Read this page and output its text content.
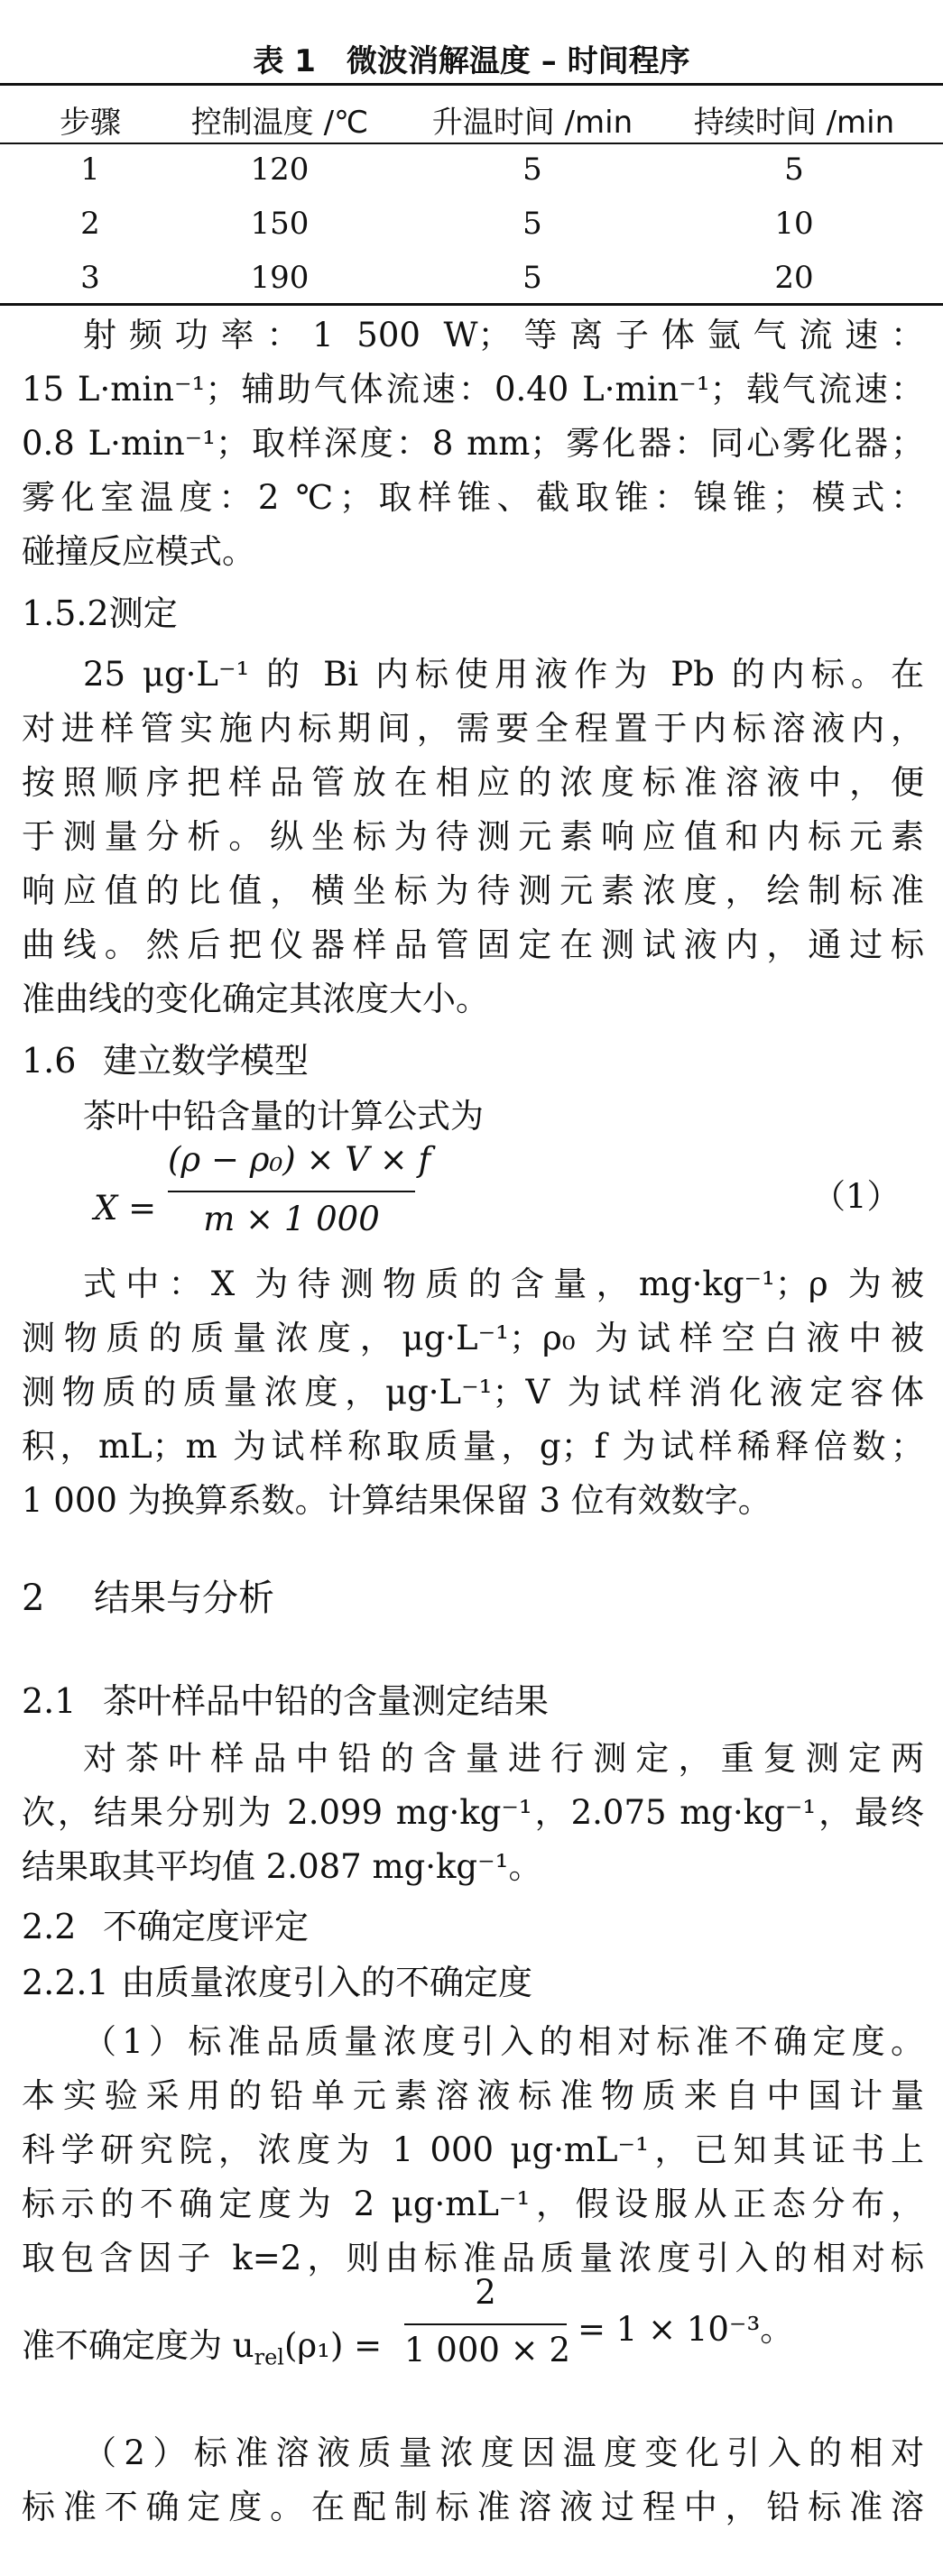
表 1　微波消解温度 – 时间程序
步骤	控制温度 /℃	升温时间 /min	持续时间 /min
1	120	5	5
2	150	5	10
3	190	5	20
射频功率：1 500 W；等离子体氩气流速：
15 L·min⁻¹；辅助气体流速：0.40 L·min⁻¹；载气流速：
0.8 L·min⁻¹；取样深度：8 mm；雾化器：同心雾化器；
雾化室温度：2 ℃；取样锥、截取锥：镍锥；模式：
碰撞反应模式。
1.5.2测定
25 μg·L⁻¹ 的 Bi 内标使用液作为 Pb 的内标。在
对进样管实施内标期间，需要全程置于内标溶液内，
按照顺序把样品管放在相应的浓度标准溶液中，便
于测量分析。纵坐标为待测元素响应值和内标元素
响应值的比值，横坐标为待测元素浓度，绘制标准
曲线。然后把仪器样品管固定在测试液内，通过标
准曲线的变化确定其浓度大小。
1.6 建立数学模型
茶叶中铅含量的计算公式为
X =
(ρ − ρ₀) × V × f
m × 1 000
（1）
式中：X 为待测物质的含量，mg·kg⁻¹；ρ 为被
测物质的质量浓度，μg·L⁻¹；ρ₀ 为试样空白液中被
测物质的质量浓度，μg·L⁻¹；V 为试样消化液定容体
积，mL；m 为试样称取质量，g；f 为试样稀释倍数；
1 000 为换算系数。计算结果保留 3 位有效数字。
2 结果与分析
2.1 茶叶样品中铅的含量测定结果
对茶叶样品中铅的含量进行测定，重复测定两
次，结果分别为 2.099 mg·kg⁻¹，2.075 mg·kg⁻¹，最终
结果取其平均值 2.087 mg·kg⁻¹。
2.2 不确定度评定
2.2.1 由质量浓度引入的不确定度
（1）标准品质量浓度引入的相对标准不确定度。
本实验采用的铅单元素溶液标准物质来自中国计量
科学研究院，浓度为 1 000 μg·mL⁻¹，已知其证书上
标示的不确定度为 2 μg·mL⁻¹，假设服从正态分布，
取包含因子 k=2，则由标准品质量浓度引入的相对标
准不确定度为 $u_{rel}(\rho_1)$ =
2
1 000 × 2
= 1 × 10⁻³。
（2）标准溶液质量浓度因温度变化引入的相对
标准不确定度。在配制标准溶液过程中，铅标准溶
